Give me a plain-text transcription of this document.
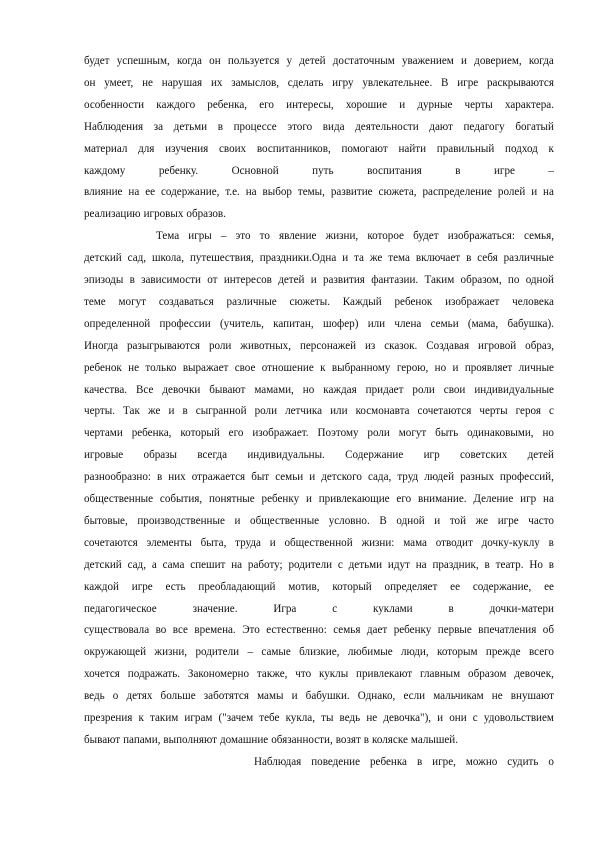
будет успешным, когда он пользуется у детей достаточным уважением и доверием, когда
он умеет, не нарушая их замыслов, сделать игру увлекательнее. В игре раскрываются
особенности каждого ребенка, его интересы, хорошие и дурные черты характера.
Наблюдения за детьми в процессе этого вида деятельности дают педагогу богатый
материал для изучения своих воспитанников, помогают найти правильный подход к
каждому	ребенку.	Основной	путь	воспитания	в	игре	–
влияние на ее содержание, т.е. на выбор темы, развитие сюжета, распределение ролей и на
реализацию игровых образов.
Тема игры – это то явление жизни, которое будет изображаться: семья,
детский сад, школа, путешествия, праздники.Одна и та же тема включает в себя различные
эпизоды в зависимости от интересов детей и развития фантазии. Таким образом, по одной
теме могут создаваться различные сюжеты. Каждый ребенок изображает человека
определенной профессии (учитель, капитан, шофер) или члена семьи (мама, бабушка).
Иногда разыгрываются роли животных, персонажей из сказок. Создавая игровой образ,
ребенок не только выражает свое отношение к выбранному герою, но и проявляет личные
качества. Все девочки бывают мамами, но каждая придает роли свои индивидуальные
черты. Так же и в сыгранной роли летчика или космонавта сочетаются черты героя с
чертами ребенка, который его изображает. Поэтому роли могут быть одинаковыми, но
игровые образы всегда индивидуальны. Содержание игр советских детей
разнообразно: в них отражается быт семьи и детского сада, труд людей разных профессий,
общественные события, понятные ребенку и привлекающие его внимание. Деление игр на
бытовые, производственные и общественные условно. В одной и той же игре часто
сочетаются элементы быта, труда и общественной жизни: мама отводит дочку-куклу в
детский сад, а сама спешит на работу; родители с детьми идут на праздник, в театр. Но в
каждой игре есть преобладающий мотив, который определяет ее содержание, ее
педагогическое	значение.	Игра	с	куклами	в	дочки-матери
существовала во все времена. Это естественно: семья дает ребенку первые впечатления об
окружающей жизни, родители – самые близкие, любимые люди, которым прежде всего
хочется подражать. Закономерно также, что куклы привлекают главным образом девочек,
ведь о детях больше заботятся мамы и бабушки. Однако, если мальчикам не внушают
презрения к таким играм ("зачем тебе кукла, ты ведь не девочка"), и они с удовольствием
бывают папами, выполняют домашние обязанности, возят в коляске малышей.
Наблюдая поведение ребенка в игре, можно судить о
